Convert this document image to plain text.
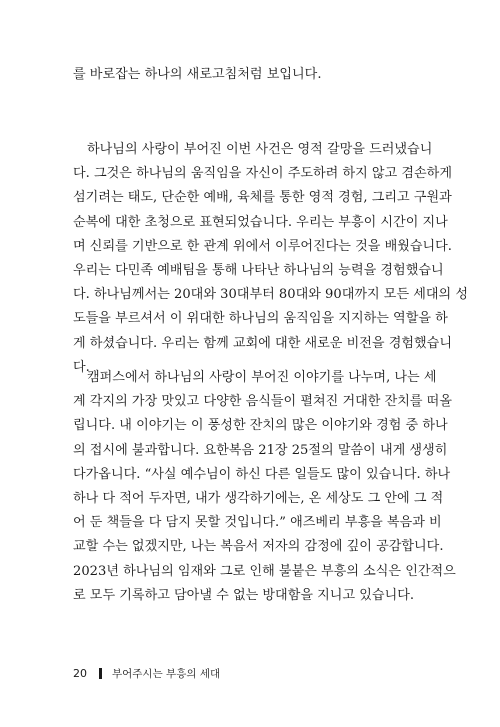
를 바로잡는 하나의 새로고침처럼 보입니다.
하나님의 사랑이 부어진 이번 사건은 영적 갈망을 드러냈습니
다. 그것은 하나님의 움직임을 자신이 주도하려 하지 않고 겸손하게
섬기려는 태도, 단순한 예배, 육체를 통한 영적 경험, 그리고 구원과
순복에 대한 초청으로 표현되었습니다. 우리는 부흥이 시간이 지나
며 신뢰를 기반으로 한 관계 위에서 이루어진다는 것을 배웠습니다.
우리는 다민족 예배팀을 통해 나타난 하나님의 능력을 경험했습니
다. 하나님께서는 20대와 30대부터 80대와 90대까지 모든 세대의 성
도들을 부르셔서 이 위대한 하나님의 움직임을 지지하는 역할을 하
게 하셨습니다. 우리는 함께 교회에 대한 새로운 비전을 경험했습니
다.
캠퍼스에서 하나님의 사랑이 부어진 이야기를 나누며, 나는 세
계 각지의 가장 맛있고 다양한 음식들이 펼쳐진 거대한 잔치를 떠올
립니다. 내 이야기는 이 풍성한 잔치의 많은 이야기와 경험 중 하나
의 접시에 불과합니다. 요한복음 21장 25절의 말씀이 내게 생생히
다가옵니다. “사실 예수님이 하신 다른 일들도 많이 있습니다. 하나
하나 다 적어 두자면, 내가 생각하기에는, 온 세상도 그 안에 그 적
어 둔 책들을 다 담지 못할 것입니다.” 애즈베리 부흥을 복음과 비
교할 수는 없겠지만, 나는 복음서 저자의 감정에 깊이 공감합니다.
2023년 하나님의 임재와 그로 인해 불붙은 부흥의 소식은 인간적으
로 모두 기록하고 담아낼 수 없는 방대함을 지니고 있습니다.
20 부어주시는 부흥의 세대
